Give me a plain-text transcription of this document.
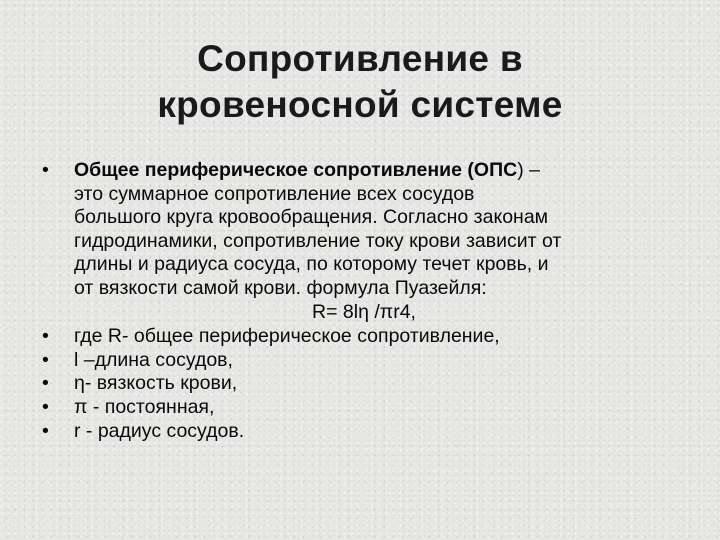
Сопротивление в
кровеносной системе
•	Общее периферическое сопротивление (ОПС) –
это суммарное сопротивление всех сосудов
большого круга кровообращения. Согласно законам
гидродинамики, сопротивление току крови зависит от
длины и радиуса сосуда, по которому течет кровь, и
от вязкости самой крови. формула Пуазейля:
R= 8lη /πr4,
•	где R- общее периферическое сопротивление,
•	l –длина сосудов,
•	η- вязкость крови,
•	π - постоянная,
•	r - радиус сосудов.
